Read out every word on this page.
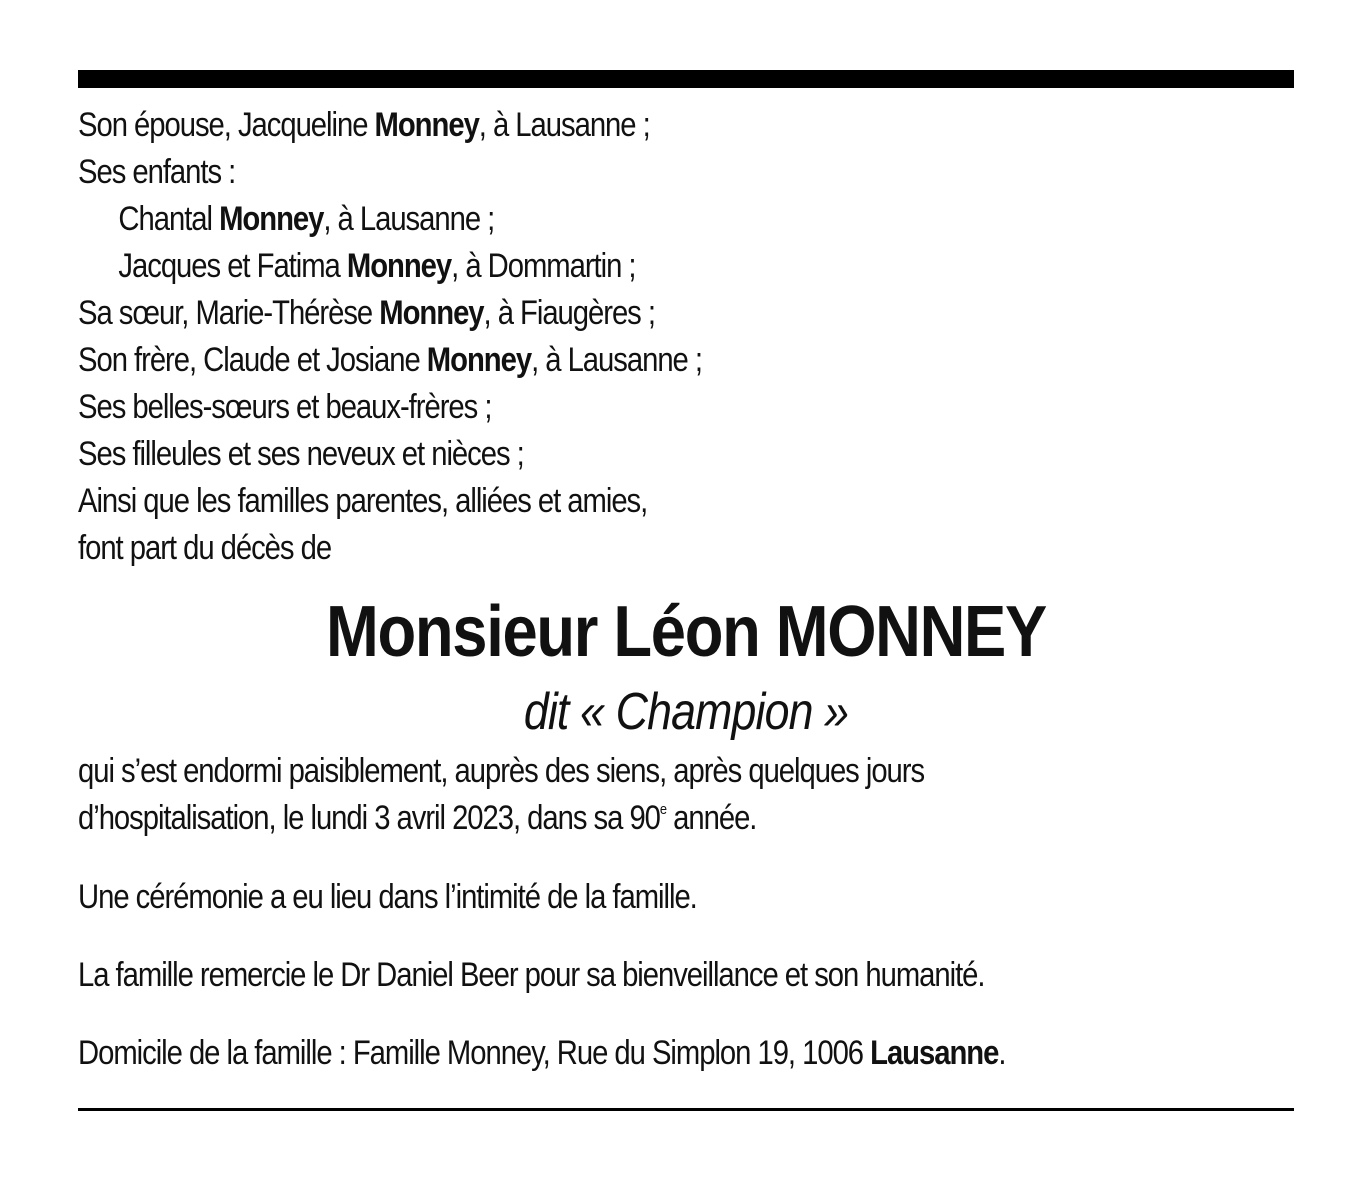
Son épouse, Jacqueline Monney, à Lausanne ;
Ses enfants :
Chantal Monney, à Lausanne ;
Jacques et Fatima Monney, à Dommartin ;
Sa sœur, Marie-Thérèse Monney, à Fiaugères ;
Son frère, Claude et Josiane Monney, à Lausanne ;
Ses belles-sœurs et beaux-frères ;
Ses filleules et ses neveux et nièces ;
Ainsi que les familles parentes, alliées et amies,
font part du décès de
Monsieur Léon MONNEY
dit « Champion »
qui s’est endormi paisiblement, auprès des siens, après quelques jours
d’hospitalisation, le lundi 3 avril 2023, dans sa 90e année.
Une cérémonie a eu lieu dans l’intimité de la famille.
La famille remercie le Dr Daniel Beer pour sa bienveillance et son humanité.
Domicile de la famille : Famille Monney, Rue du Simplon 19, 1006 Lausanne.
